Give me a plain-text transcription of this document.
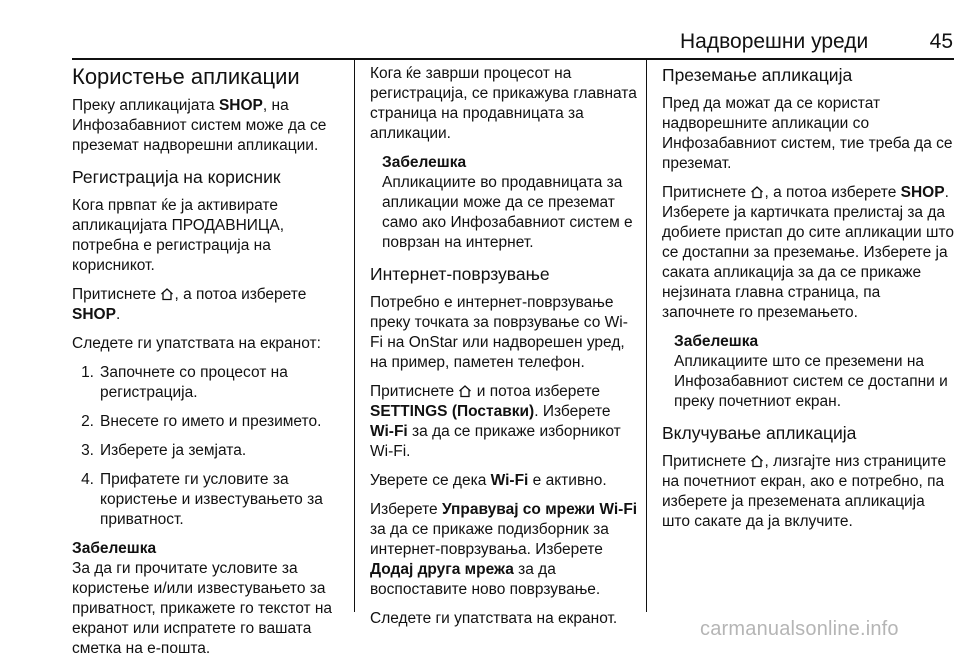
Надворешни уреди	45
Користење апликации

Преку апликацијата SHOP, на Инфозабавниот систем може да се преземат надворешни апликации.

Регистрација на корисник

Кога првпат ќе ја активирате апликацијата ПРОДАВНИЦА, потребна е регистрација на корисникот.

Притиснете , а потоа изберете SHOP.

Следете ги упатствата на екранот:

1. Започнете со процесот на регистрација.
2. Внесете го името и презимето.
3. Изберете ја земјата.
4. Прифатете ги условите за користење и известувањето за приватност.

Забелешка

За да ги прочитате условите за користење и/или известувањето за приватност, прикажете го текстот на екранот или испратете го вашата сметка на е-пошта.

Кога ќе заврши процесот на регистрација, се прикажува главната страница на продавницата за апликации.

Забелешка

Апликациите во продавницата за апликации може да се преземат само ако Инфозабавниот систем е поврзан на интернет.

Интернет-поврзување

Потребно е интернет-поврзување преку точката за поврзување со Wi-Fi на OnStar или надворешен уред, на пример, паметен телефон.

Притиснете  и потоа изберете SETTINGS (Поставки). Изберете Wi-Fi за да се прикаже изборникот Wi-Fi.

Уверете се дека Wi-Fi е активно.

Изберете Управувај со мрежи Wi-Fi за да се прикаже подизборник за интернет-поврзувања. Изберете Додај друга мрежа за да воспоставите ново поврзување.

Следете ги упатствата на екранот.

Преземање апликација

Пред да можат да се користат надворешните апликации со Инфозабавниот систем, тие треба да се преземат.

Притиснете , а потоа изберете SHOP. Изберете ја картичката прелистај за да добиете пристап до сите апликации што се достапни за преземање. Изберете ја саката апликација за да се прикаже нејзината главна страница, па започнете го преземањето.

Забелешка

Апликациите што се преземени на Инфозабавниот систем се достапни и преку почетниот екран.

Вклучување апликација

Притиснете , лизгајте низ страниците на почетниот екран, ако е потребно, па изберете ја преземената апликација што сакате да ја вклучите.

carmanualsonline.info
